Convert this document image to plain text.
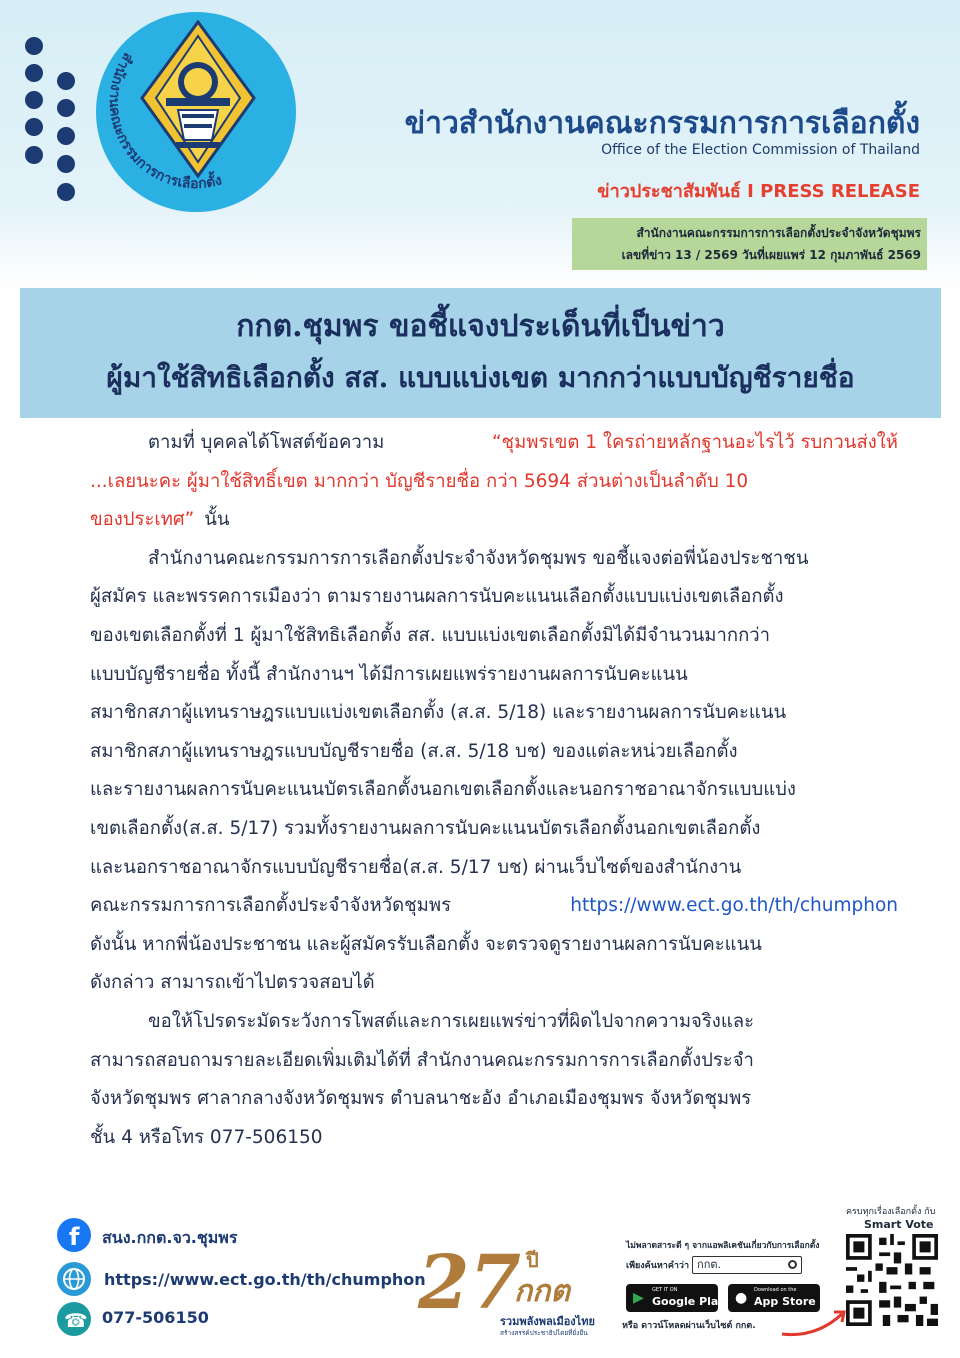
สำนักงานคณะกรรมการการเลือกตั้ง
ข่าวสำนักงานคณะกรรมการการเลือกตั้ง
Office of the Election Commission of Thailand
ข่าวประชาสัมพันธ์ I PRESS RELEASE
สำนักงานคณะกรรมการการเลือกตั้งประจำจังหวัดชุมพร
เลขที่ข่าว 13 / 2569 วันที่เผยแพร่ 12 กุมภาพันธ์ 2569
กกต.ชุมพร ขอชี้แจงประเด็นที่เป็นข่าว
ผู้มาใช้สิทธิเลือกตั้ง สส. แบบแบ่งเขต มากกว่าแบบบัญชีรายชื่อ
ตามที่ บุคคลได้โพสต์ข้อความ	“ชุมพรเขต 1 ใครถ่ายหลักฐานอะไรไว้ รบกวนส่งให้
...เลยนะคะ ผู้มาใช้สิทธิ์เขต มากกว่า บัญชีรายชื่อ กว่า 5694 ส่วนต่างเป็นลำดับ 10
ของประเทศ” นั้น
สำนักงานคณะกรรมการการเลือกตั้งประจำจังหวัดชุมพร ขอชี้แจงต่อพี่น้องประชาชน
ผู้สมัคร และพรรคการเมืองว่า ตามรายงานผลการนับคะแนนเลือกตั้งแบบแบ่งเขตเลือกตั้ง
ของเขตเลือกตั้งที่ 1 ผู้มาใช้สิทธิเลือกตั้ง สส. แบบแบ่งเขตเลือกตั้งมิได้มีจำนวนมากกว่า
แบบบัญชีรายชื่อ ทั้งนี้ สำนักงานฯ ได้มีการเผยแพร่รายงานผลการนับคะแนน
สมาชิกสภาผู้แทนราษฎรแบบแบ่งเขตเลือกตั้ง (ส.ส. 5/18) และรายงานผลการนับคะแนน
สมาชิกสภาผู้แทนราษฎรแบบบัญชีรายชื่อ (ส.ส. 5/18 บช) ของแต่ละหน่วยเลือกตั้ง
และรายงานผลการนับคะแนนบัตรเลือกตั้งนอกเขตเลือกตั้งและนอกราชอาณาจักรแบบแบ่ง
เขตเลือกตั้ง(ส.ส. 5/17) รวมทั้งรายงานผลการนับคะแนนบัตรเลือกตั้งนอกเขตเลือกตั้ง
และนอกราชอาณาจักรแบบบัญชีรายชื่อ(ส.ส. 5/17 บช) ผ่านเว็บไซต์ของสำนักงาน
คณะกรรมการการเลือกตั้งประจำจังหวัดชุมพร	https://www.ect.go.th/th/chumphon
ดังนั้น หากพี่น้องประชาชน และผู้สมัครรับเลือกตั้ง จะตรวจดูรายงานผลการนับคะแนน
ดังกล่าว สามารถเข้าไปตรวจสอบได้
ขอให้โปรดระมัดระวังการโพสต์และการเผยแพร่ข่าวที่ผิดไปจากความจริงและ
สามารถสอบถามรายละเอียดเพิ่มเติมได้ที่ สำนักงานคณะกรรมการการเลือกตั้งประจำ
จังหวัดชุมพร ศาลากลางจังหวัดชุมพร ตำบลนาชะอัง อำเภอเมืองชุมพร จังหวัดชุมพร
ชั้น 4 หรือโทร 077-506150
f สนง.กกต.จว.ชุมพร
https://www.ect.go.th/th/chumphon
☎ 077-506150	27 ปี
กกต
รวมพลังพลเมืองไทย
สร้างสรรค์ประชาธิปไตยที่ยั่งยืน
ไม่พลาดสาระดี ๆ จากแอพลิเคชันเกี่ยวกับการเลือกตั้ง
เพียงค้นหาคำว่า กกต.
▶ GET IT ON
Google Play ● Download on the
App Store
หรือ ดาวน์โหลดผ่านเว็บไซต์ กกต.
ครบทุกเรื่องเลือกตั้ง กับ
Smart Vote
